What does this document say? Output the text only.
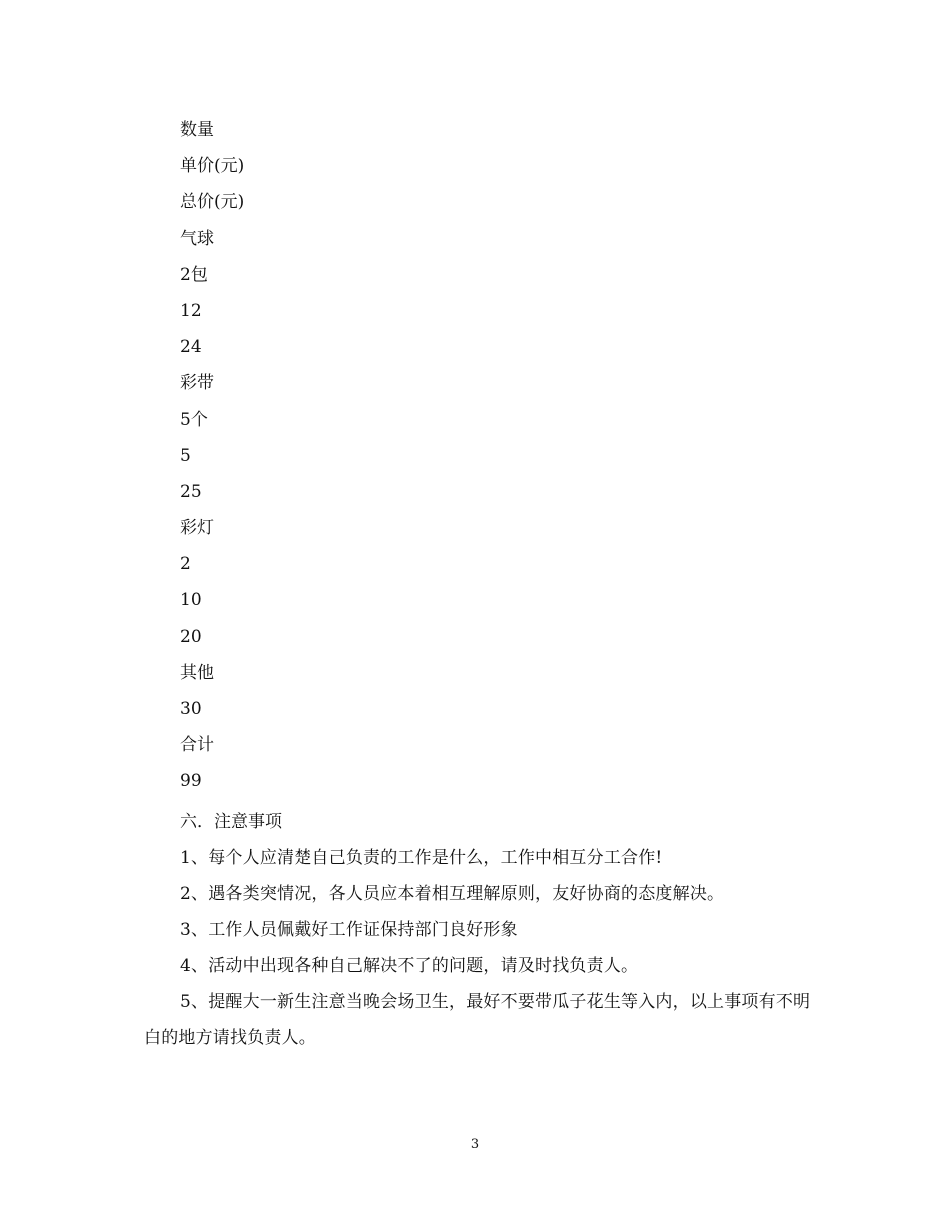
数量
单价(元)
总价(元)
气球
2包
12
24
彩带
5个
5
25
彩灯
2
10
20
其他
30
合计
99
六．注意事项

1、每个人应清楚自己负责的工作是什么，工作中相互分工合作!

2、遇各类突情况，各人员应本着相互理解原则，友好协商的态度解决。

3、工作人员佩戴好工作证保持部门良好形象

4、活动中出现各种自己解决不了的问题，请及时找负责人。

5、提醒大一新生注意当晚会场卫生，最好不要带瓜子花生等入内，以上事项有不明白的地方请找负责人。

3
